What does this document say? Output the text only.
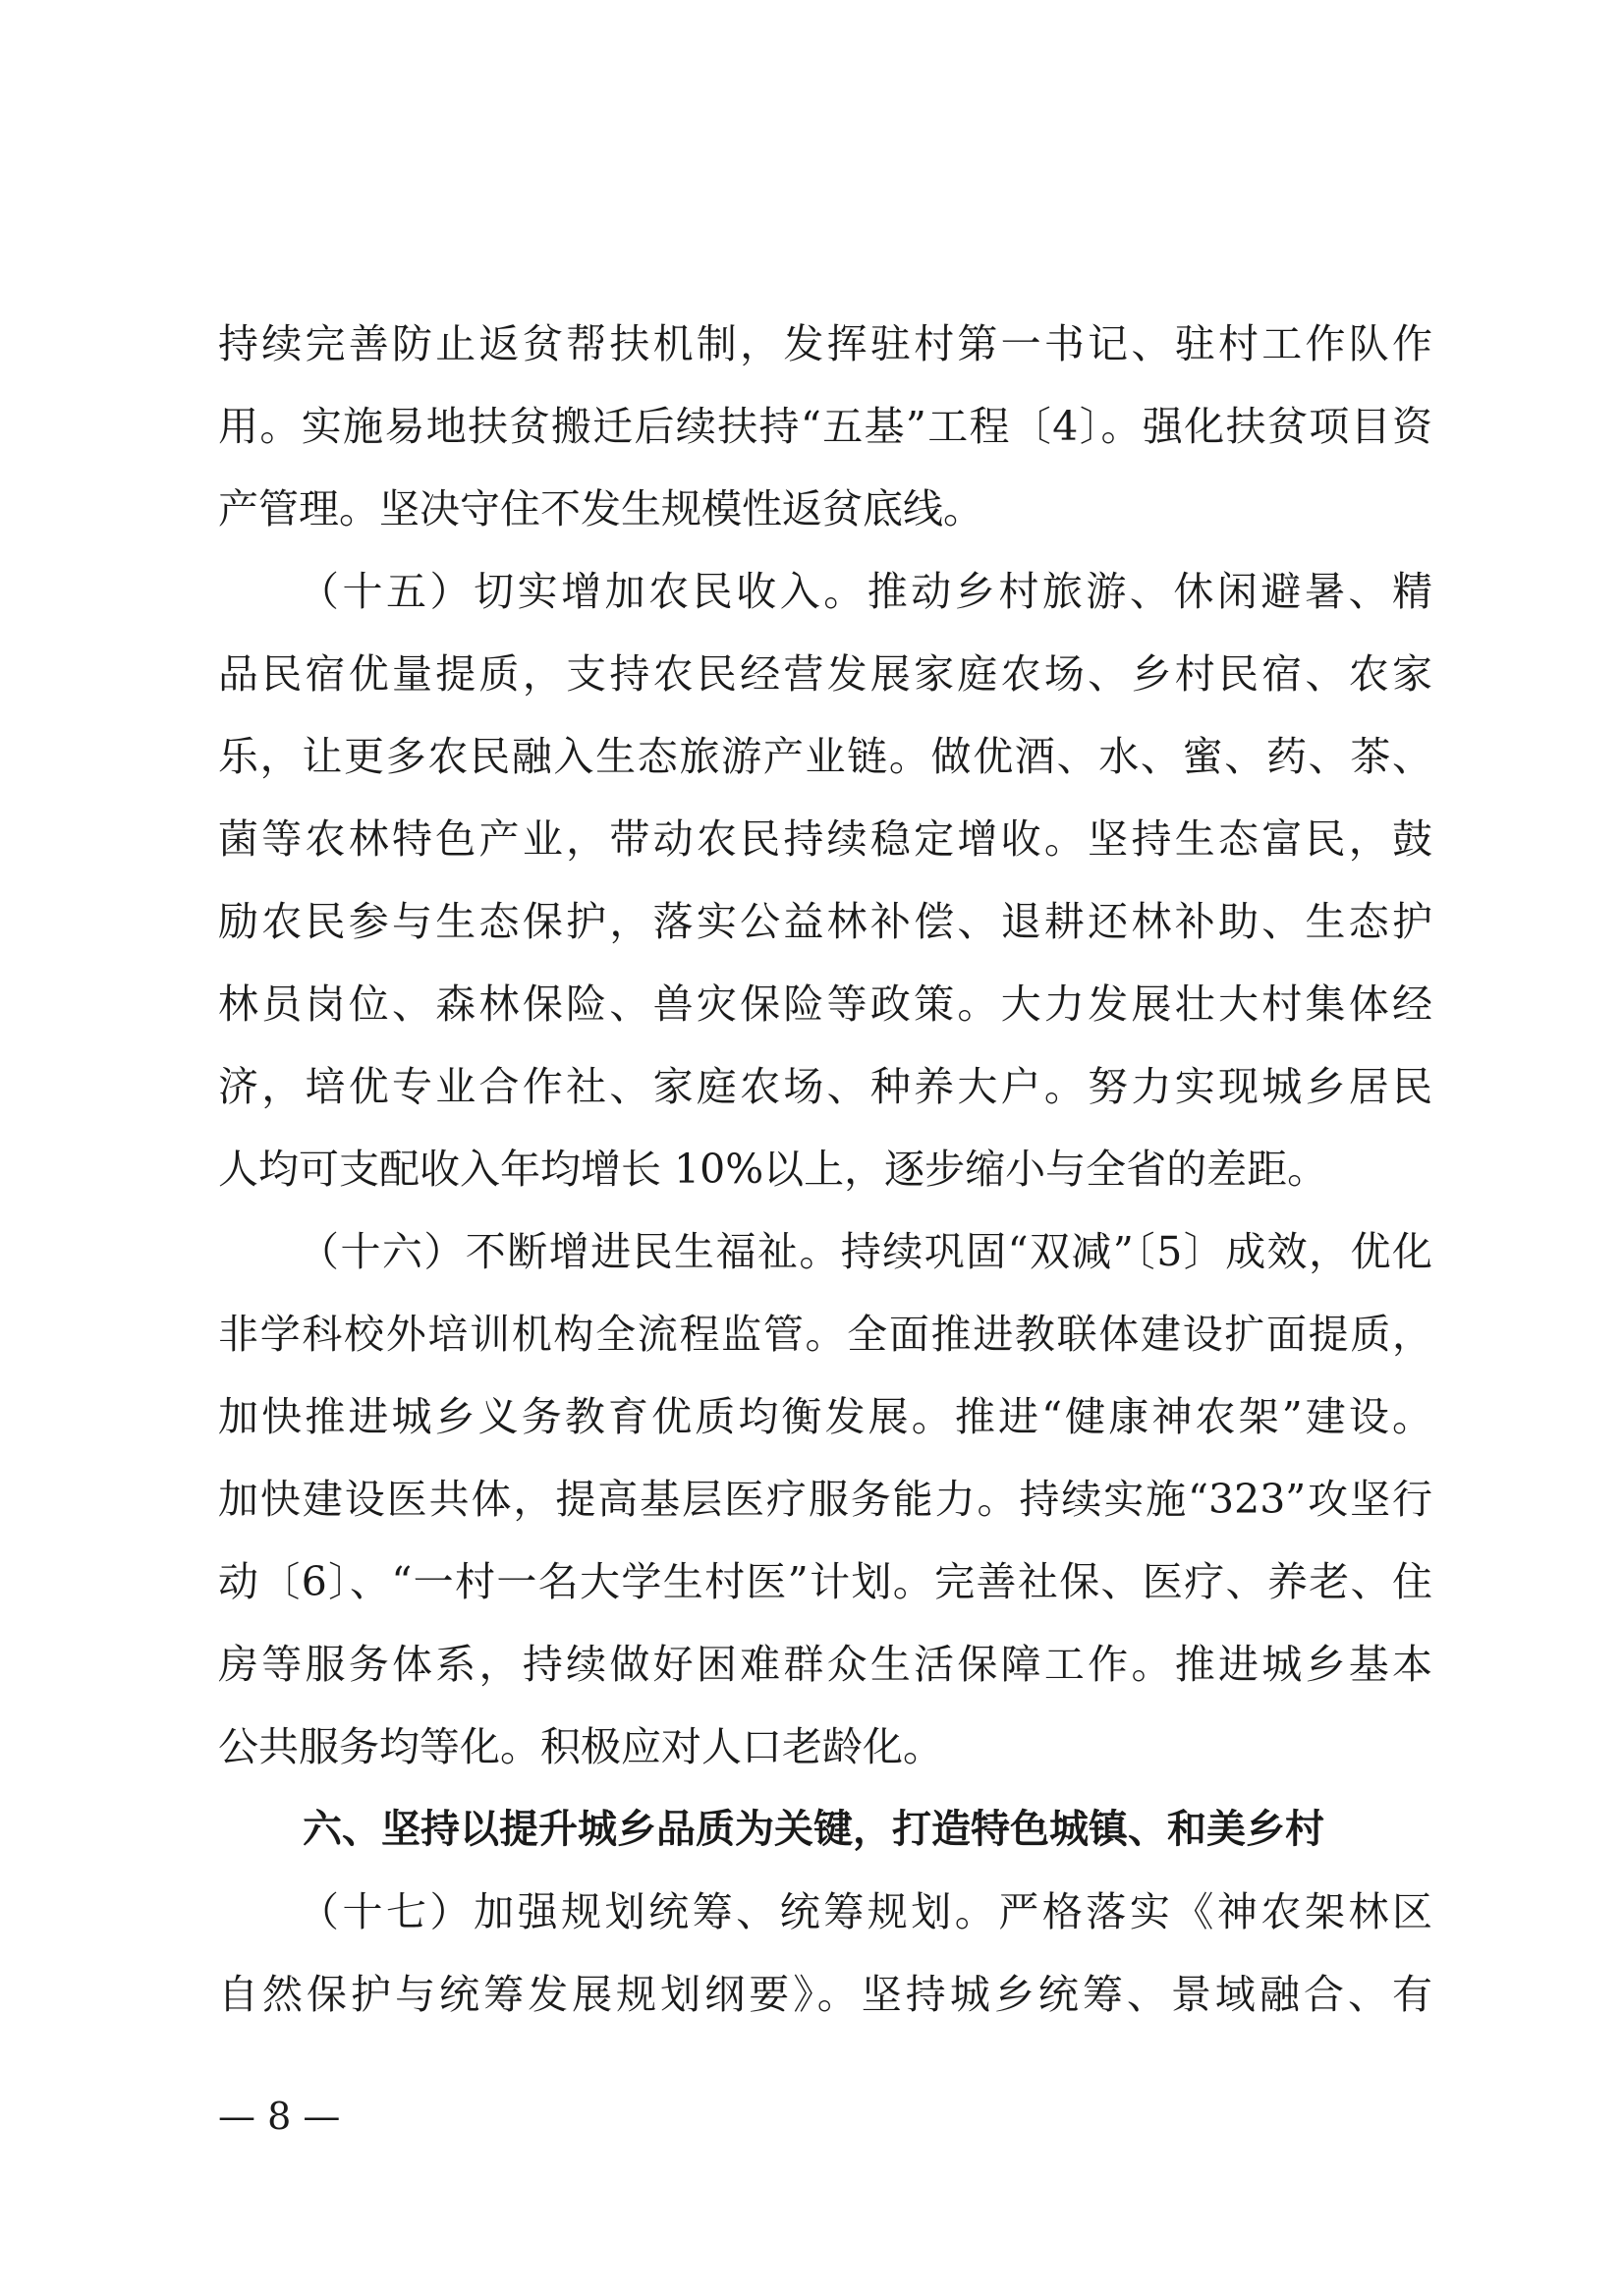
持续完善防止返贫帮扶机制，发挥驻村第一书记、驻村工作队作
用。实施易地扶贫搬迁后续扶持“五基”工程〔4〕。强化扶贫项目资
产管理。坚决守住不发生规模性返贫底线。
（十五）切实增加农民收入。推动乡村旅游、休闲避暑、精
品民宿优量提质，支持农民经营发展家庭农场、乡村民宿、农家
乐，让更多农民融入生态旅游产业链。做优酒、水、蜜、药、茶、
菌等农林特色产业，带动农民持续稳定增收。坚持生态富民，鼓
励农民参与生态保护，落实公益林补偿、退耕还林补助、生态护
林员岗位、森林保险、兽灾保险等政策。大力发展壮大村集体经
济，培优专业合作社、家庭农场、种养大户。努力实现城乡居民
人均可支配收入年均增长 10%以上，逐步缩小与全省的差距。
（十六）不断增进民生福祉。持续巩固“双减”〔5〕成效，优化
非学科校外培训机构全流程监管。全面推进教联体建设扩面提质，
加快推进城乡义务教育优质均衡发展。推进“健康神农架”建设。
加快建设医共体，提高基层医疗服务能力。持续实施“323”攻坚行
动〔6〕、“一村一名大学生村医”计划。完善社保、医疗、养老、住
房等服务体系，持续做好困难群众生活保障工作。推进城乡基本
公共服务均等化。积极应对人口老龄化。
六、坚持以提升城乡品质为关键，打造特色城镇、和美乡村
（十七）加强规划统筹、统筹规划。严格落实《神农架林区
自然保护与统筹发展规划纲要》。坚持城乡统筹、景域融合、有
— 8 —
